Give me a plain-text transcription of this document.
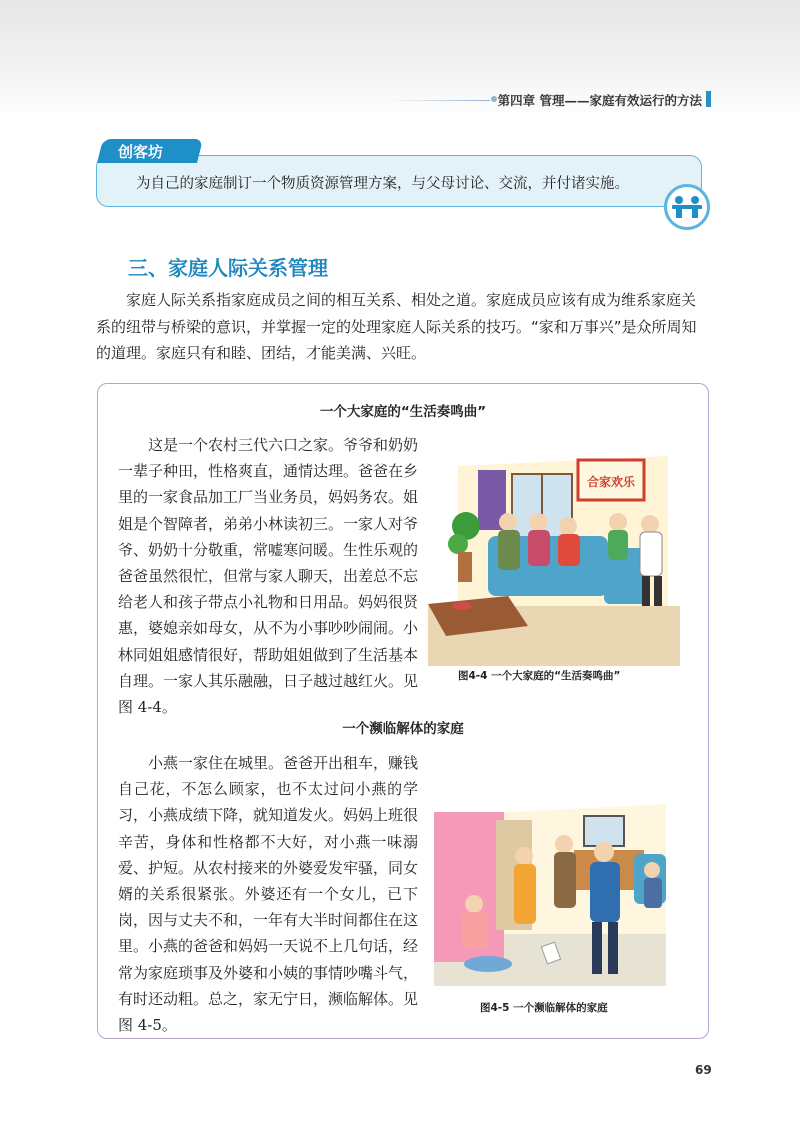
第四章 管理——家庭有效运行的方法
创客坊
为自己的家庭制订一个物质资源管理方案，与父母讨论、交流，并付诸实施。
三、家庭人际关系管理

家庭人际关系指家庭成员之间的相互关系、相处之道。家庭成员应该有成为维系家庭关系的纽带与桥梁的意识，并掌握一定的处理家庭人际关系的技巧。“家和万事兴”是众所周知的道理。家庭只有和睦、团结，才能美满、兴旺。

一个大家庭的“生活奏鸣曲”

这是一个农村三代六口之家。爷爷和奶奶一辈子种田，性格爽直，通情达理。爸爸在乡里的一家食品加工厂当业务员，妈妈务农。姐姐是个智障者，弟弟小林读初三。一家人对爷爷、奶奶十分敬重，常嘘寒问暖。生性乐观的爸爸虽然很忙，但常与家人聊天，出差总不忘给老人和孩子带点小礼物和日用品。妈妈很贤惠，婆媳亲如母女，从不为小事吵吵闹闹。小林同姐姐感情很好，帮助姐姐做到了生活基本自理。一家人其乐融融，日子越过越红火。见图 4-4。

合家欢乐
图4-4 一个大家庭的“生活奏鸣曲”
一个濒临解体的家庭

小燕一家住在城里。爸爸开出租车，赚钱自己花，不怎么顾家，也不太过问小燕的学习，小燕成绩下降，就知道发火。妈妈上班很辛苦，身体和性格都不大好，对小燕一味溺爱、护短。从农村接来的外婆爱发牢骚，同女婿的关系很紧张。外婆还有一个女儿，已下岗，因与丈夫不和，一年有大半时间都住在这里。小燕的爸爸和妈妈一天说不上几句话，经常为家庭琐事及外婆和小姨的事情吵嘴斗气，有时还动粗。总之，家无宁日，濒临解体。见图 4-5。

图4-5 一个濒临解体的家庭
69
